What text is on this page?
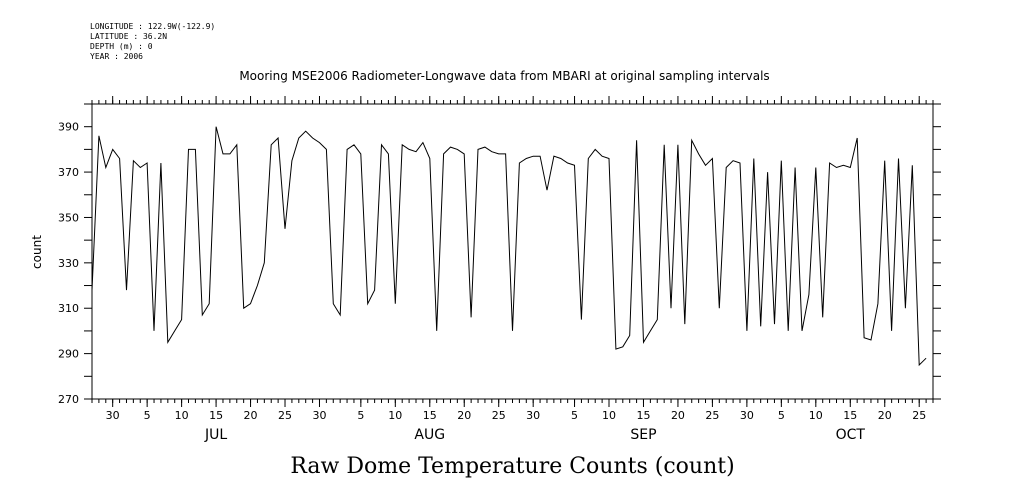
LONGITUDE : 122.9W(-122.9)
LATITUDE : 36.2N
DEPTH (m) : 0
YEAR : 2006
Mooring MSE2006 Radiometer-Longwave data from MBARI at original sampling intervals
30 5 10 15 20 25 30	5 10 15 20 25 30	5 10 15 20 25 30 5 10 15 20 25
JUL	AUG	SEP	OCT
270
290
310
330
350
370
390
count
Raw Dome Temperature Counts (count)
